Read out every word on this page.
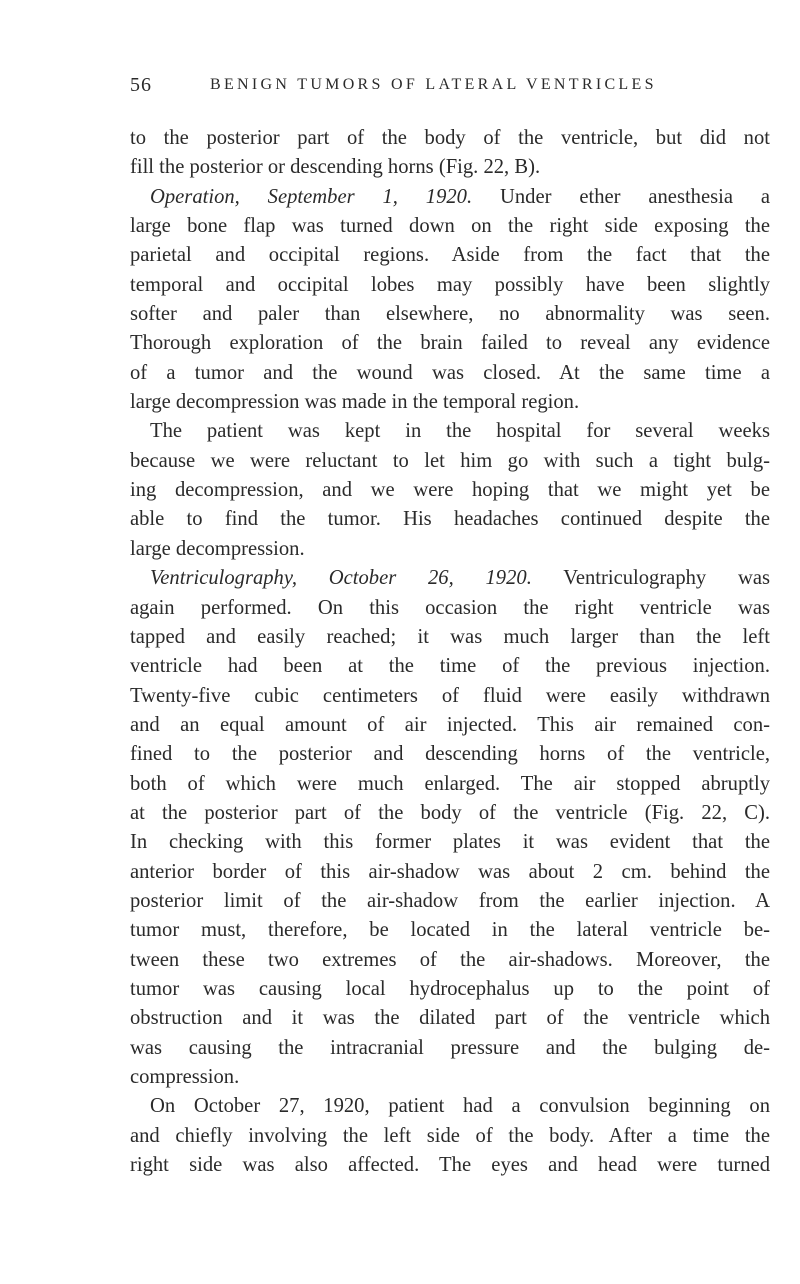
56	BENIGN TUMORS OF LATERAL VENTRICLES
to the posterior part of the body of the ventricle, but did not
fill the posterior or descending horns (Fig. 22, B).
Operation, September 1, 1920. Under ether anesthesia a
large bone flap was turned down on the right side exposing the
parietal and occipital regions. Aside from the fact that the
temporal and occipital lobes may possibly have been slightly
softer and paler than elsewhere, no abnormality was seen.
Thorough exploration of the brain failed to reveal any evidence
of a tumor and the wound was closed. At the same time a
large decompression was made in the temporal region.
The patient was kept in the hospital for several weeks
because we were reluctant to let him go with such a tight bulg-
ing decompression, and we were hoping that we might yet be
able to find the tumor. His headaches continued despite the
large decompression.
Ventriculography, October 26, 1920. Ventriculography was
again performed. On this occasion the right ventricle was
tapped and easily reached; it was much larger than the left
ventricle had been at the time of the previous injection.
Twenty-five cubic centimeters of fluid were easily withdrawn
and an equal amount of air injected. This air remained con-
fined to the posterior and descending horns of the ventricle,
both of which were much enlarged. The air stopped abruptly
at the posterior part of the body of the ventricle (Fig. 22, C).
In checking with this former plates it was evident that the
anterior border of this air-shadow was about 2 cm. behind the
posterior limit of the air-shadow from the earlier injection. A
tumor must, therefore, be located in the lateral ventricle be-
tween these two extremes of the air-shadows. Moreover, the
tumor was causing local hydrocephalus up to the point of
obstruction and it was the dilated part of the ventricle which
was causing the intracranial pressure and the bulging de-
compression.
On October 27, 1920, patient had a convulsion beginning on
and chiefly involving the left side of the body. After a time the
right side was also affected. The eyes and head were turned
